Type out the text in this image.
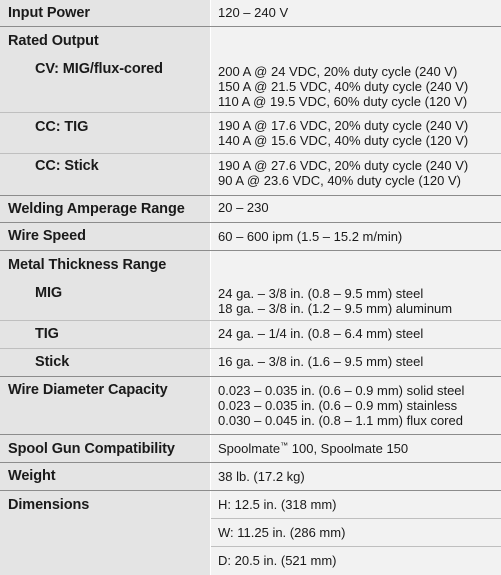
Input Power	120 – 240 V
Rated Output
CV: MIG/flux-cored	200 A @ 24 VDC, 20% duty cycle (240 V)
150 A @ 21.5 VDC, 40% duty cycle (240 V)
110 A @ 19.5 VDC, 60% duty cycle (120 V)
CC: TIG	190 A @ 17.6 VDC, 20% duty cycle (240 V)
140 A @ 15.6 VDC, 40% duty cycle (120 V)
CC: Stick	190 A @ 27.6 VDC, 20% duty cycle (240 V)
90 A @ 23.6 VDC, 40% duty cycle (120 V)
Welding Amperage Range	20 – 230
Wire Speed	60 – 600 ipm (1.5 – 15.2 m/min)
Metal Thickness Range
MIG	24 ga. – 3/8 in. (0.8 – 9.5 mm) steel
18 ga. – 3/8 in. (1.2 – 9.5 mm) aluminum
TIG	24 ga. – 1/4 in. (0.8 – 6.4 mm) steel
Stick	16 ga. – 3/8 in. (1.6 – 9.5 mm) steel
Wire Diameter Capacity	0.023 – 0.035 in. (0.6 – 0.9 mm) solid steel
0.023 – 0.035 in. (0.6 – 0.9 mm) stainless
0.030 – 0.045 in. (0.8 – 1.1 mm) flux cored
Spool Gun Compatibility	Spoolmate™ 100, Spoolmate 150
Weight	38 lb. (17.2 kg)
Dimensions	H: 12.5 in. (318 mm)
W: 11.25 in. (286 mm)
D: 20.5 in. (521 mm)
